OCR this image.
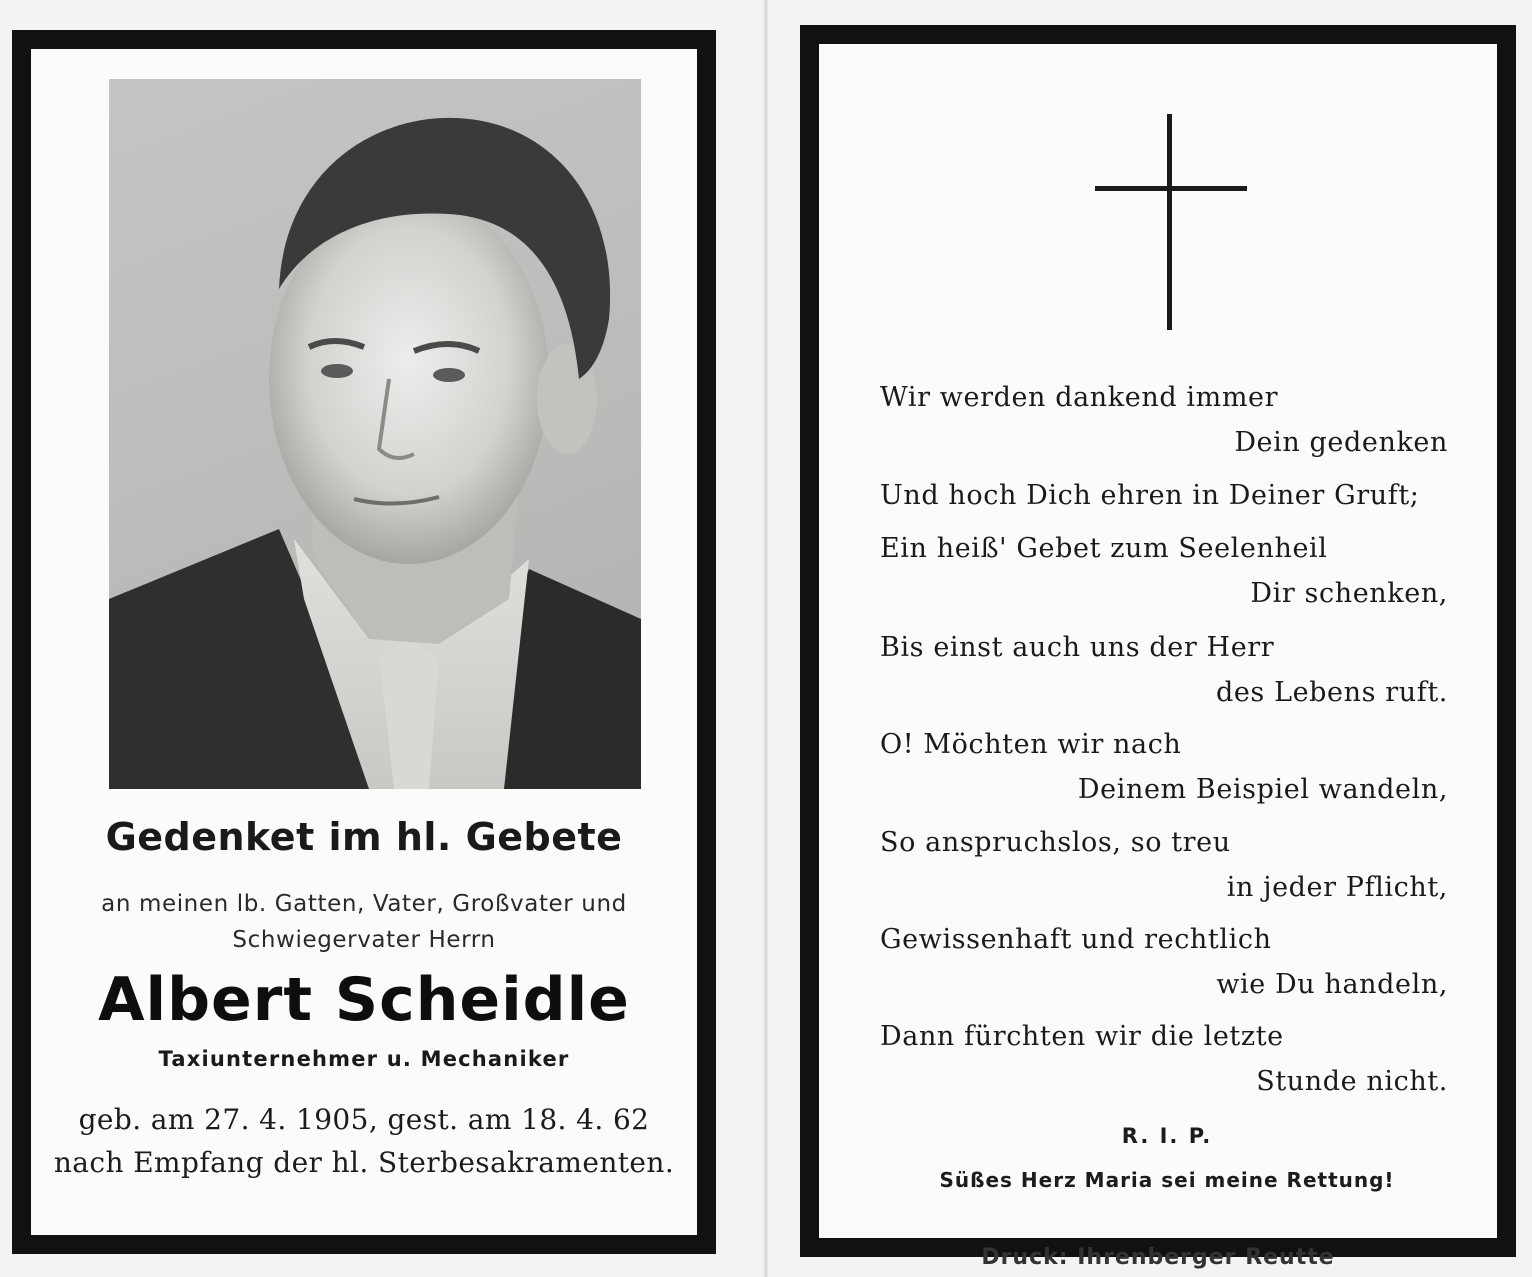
Gedenket im hl. Gebete
an meinen lb. Gatten, Vater, Großvater und
Schwiegervater Herrn
Albert Scheidle
Taxiunternehmer u. Mechaniker
geb. am 27. 4. 1905, gest. am 18. 4. 62
nach Empfang der hl. Sterbesakramenten.
Wir werden dankend immer
Dein gedenken
Und hoch Dich ehren in Deiner Gruft;
Ein heiß' Gebet zum Seelenheil
Dir schenken,
Bis einst auch uns der Herr
des Lebens ruft.
O! Möchten wir nach
Deinem Beispiel wandeln,
So anspruchslos, so treu
in jeder Pflicht,
Gewissenhaft und rechtlich
wie Du handeln,
Dann fürchten wir die letzte
Stunde nicht.
R. I. P.
Süßes Herz Maria sei meine Rettung!
Druck: Ihrenberger Reutte
